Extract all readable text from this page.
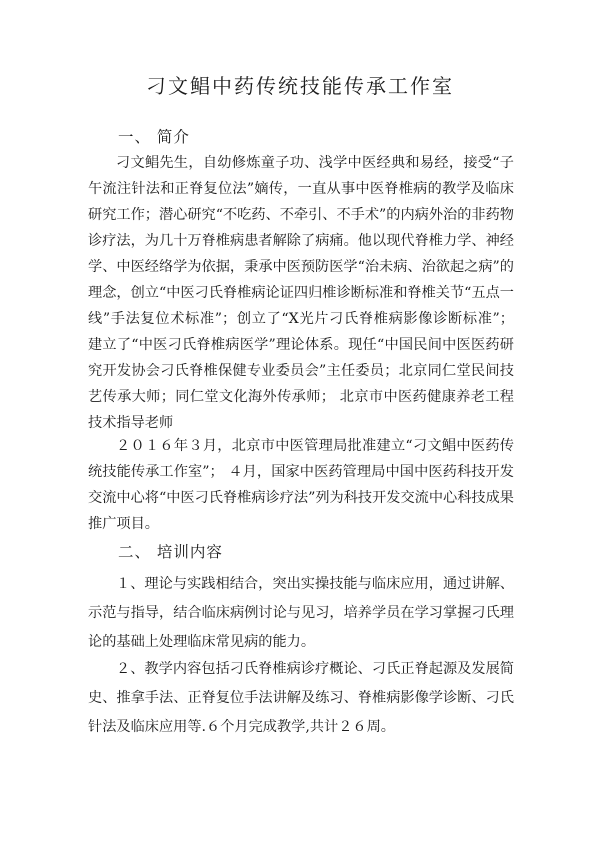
刁文鲳中药传统技能传承工作室
一、 简介

刁文鲳先生，自幼修炼童子功、浅学中医经典和易经，接受“子午流注针法和正脊复位法”嫡传，一直从事中医脊椎病的教学及临床研究工作；潜心研究“不吃药、不牵引、不手术”的内病外治的非药物诊疗法，为几十万脊椎病患者解除了病痛。他以现代脊椎力学、神经学、中医经络学为依据，秉承中医预防医学“治未病、治欲起之病”的理念，创立“中医刁氏脊椎病论证四归椎诊断标准和脊椎关节“五点一线”手法复位术标准”；创立了“X光片刁氏脊椎病影像诊断标准”； 建立了“中医刁氏脊椎病医学”理论体系。现任“中国民间中医医药研究开发协会刁氏脊椎保健专业委员会”主任委员；北京同仁堂民间技艺传承大师；同仁堂文化海外传承师； 北京市中医药健康养老工程技术指导老师

２０１６年３月，北京市中医管理局批准建立“刁文鲳中医药传统技能传承工作室”； ４月，国家中医药管理局中国中医药科技开发交流中心将“中医刁氏脊椎病诊疗法”列为科技开发交流中心科技成果推广项目。

二、 培训内容

１、理论与实践相结合，突出实操技能与临床应用，通过讲解、示范与指导，结合临床病例讨论与见习，培养学员在学习掌握刁氏理论的基础上处理临床常见病的能力。

２、教学内容包括刁氏脊椎病诊疗概论、刁氏正脊起源及发展简史、推拿手法、正脊复位手法讲解及练习、脊椎病影像学诊断、刁氏针法及临床应用等.６个月完成教学,共计２６周。
